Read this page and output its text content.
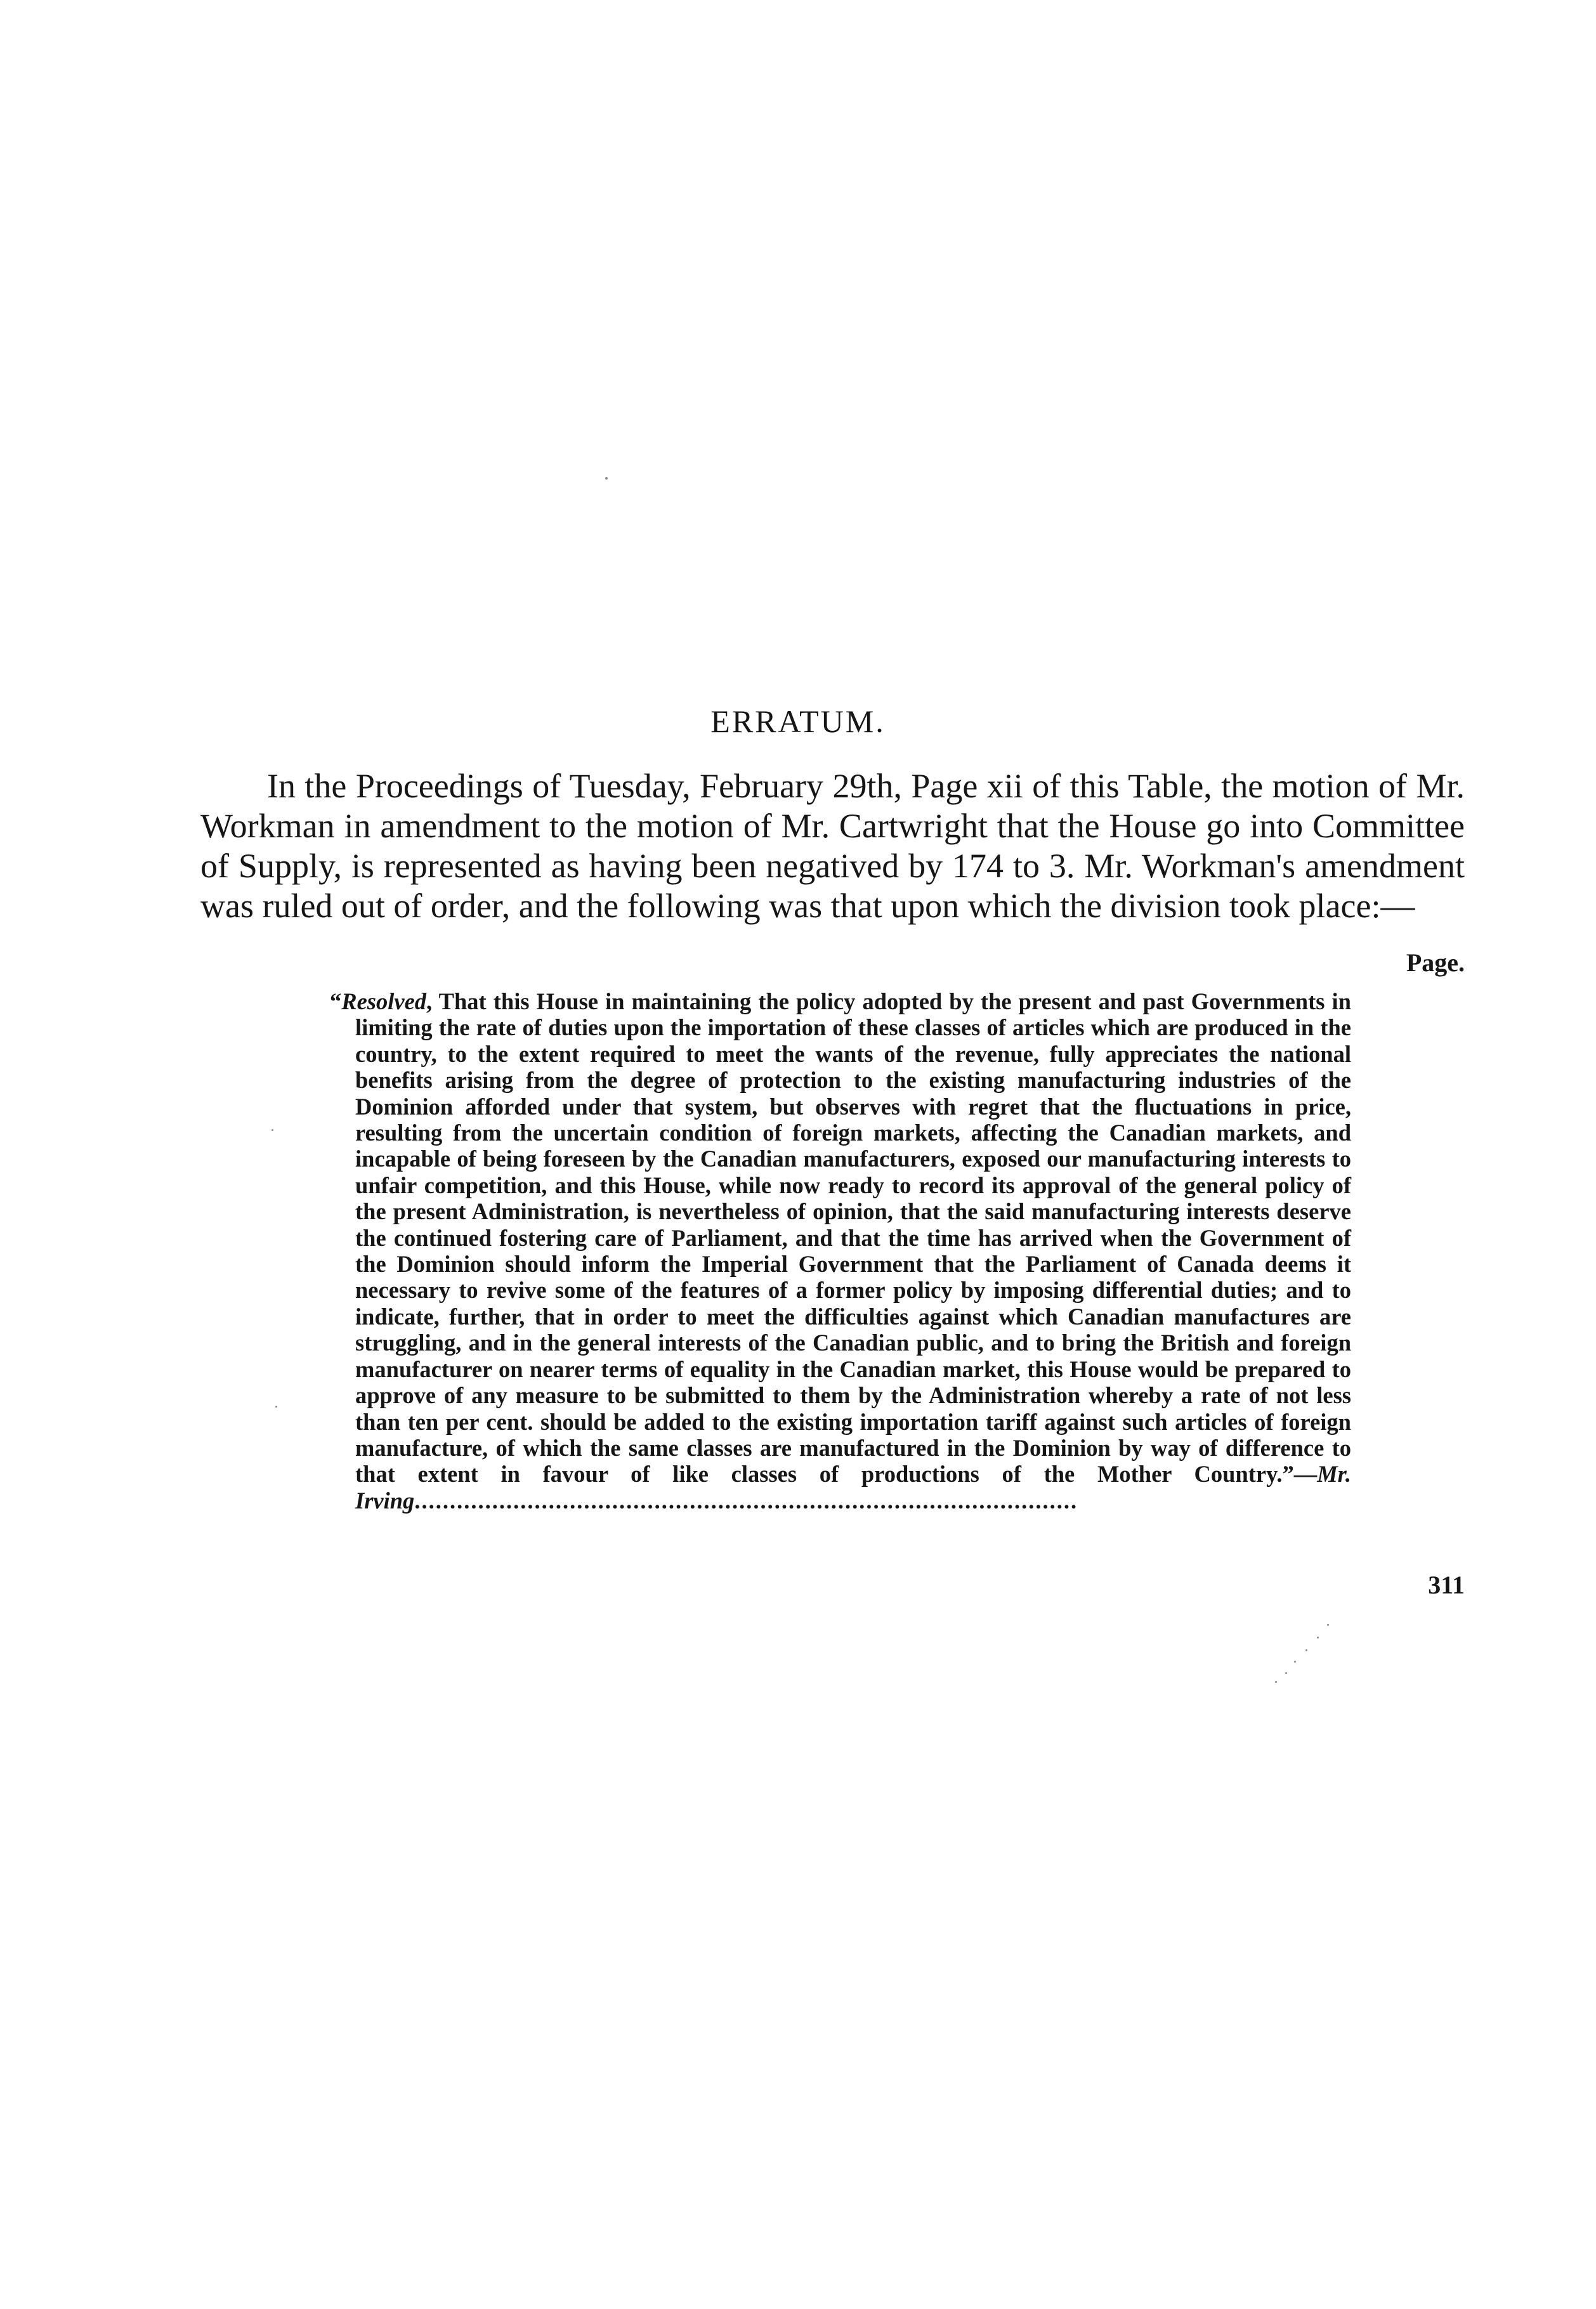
ERRATUM.

In the Proceedings of Tuesday, February 29th, Page xii of this Table, the motion of Mr. Workman in amendment to the motion of Mr. Cartwright that the House go into Committee of Supply, is represented as having been negatived by 174 to 3. Mr. Workman's amendment was ruled out of order, and the following was that upon which the division took place:—

Page.

“Resolved, That this House in maintaining the policy adopted by the present and past Governments in limiting the rate of duties upon the importation of these classes of articles which are produced in the country, to the extent required to meet the wants of the revenue, fully appreciates the national benefits arising from the degree of protection to the existing manufacturing industries of the Dominion afforded under that system, but observes with regret that the fluctuations in price, resulting from the uncertain condition of foreign markets, affecting the Canadian markets, and incapable of being foreseen by the Canadian manufacturers, exposed our manufacturing interests to unfair competition, and this House, while now ready to record its approval of the general policy of the present Administration, is nevertheless of opinion, that the said manufacturing interests deserve the continued fostering care of Parliament, and that the time has arrived when the Government of the Dominion should inform the Imperial Government that the Parliament of Canada deems it necessary to revive some of the features of a former policy by imposing differential duties; and to indicate, further, that in order to meet the difficulties against which Canadian manufactures are struggling, and in the general interests of the Canadian public, and to bring the British and foreign manufacturer on nearer terms of equality in the Canadian market, this House would be prepared to approve of any measure to be submitted to them by the Administration whereby a rate of not less than ten per cent. should be added to the existing importation tariff against such articles of foreign manufacture, of which the same classes are manufactured in the Dominion by way of difference to that extent in favour of like classes of productions of the Mother Country.”—Mr. Irving..............................................................................................

311
